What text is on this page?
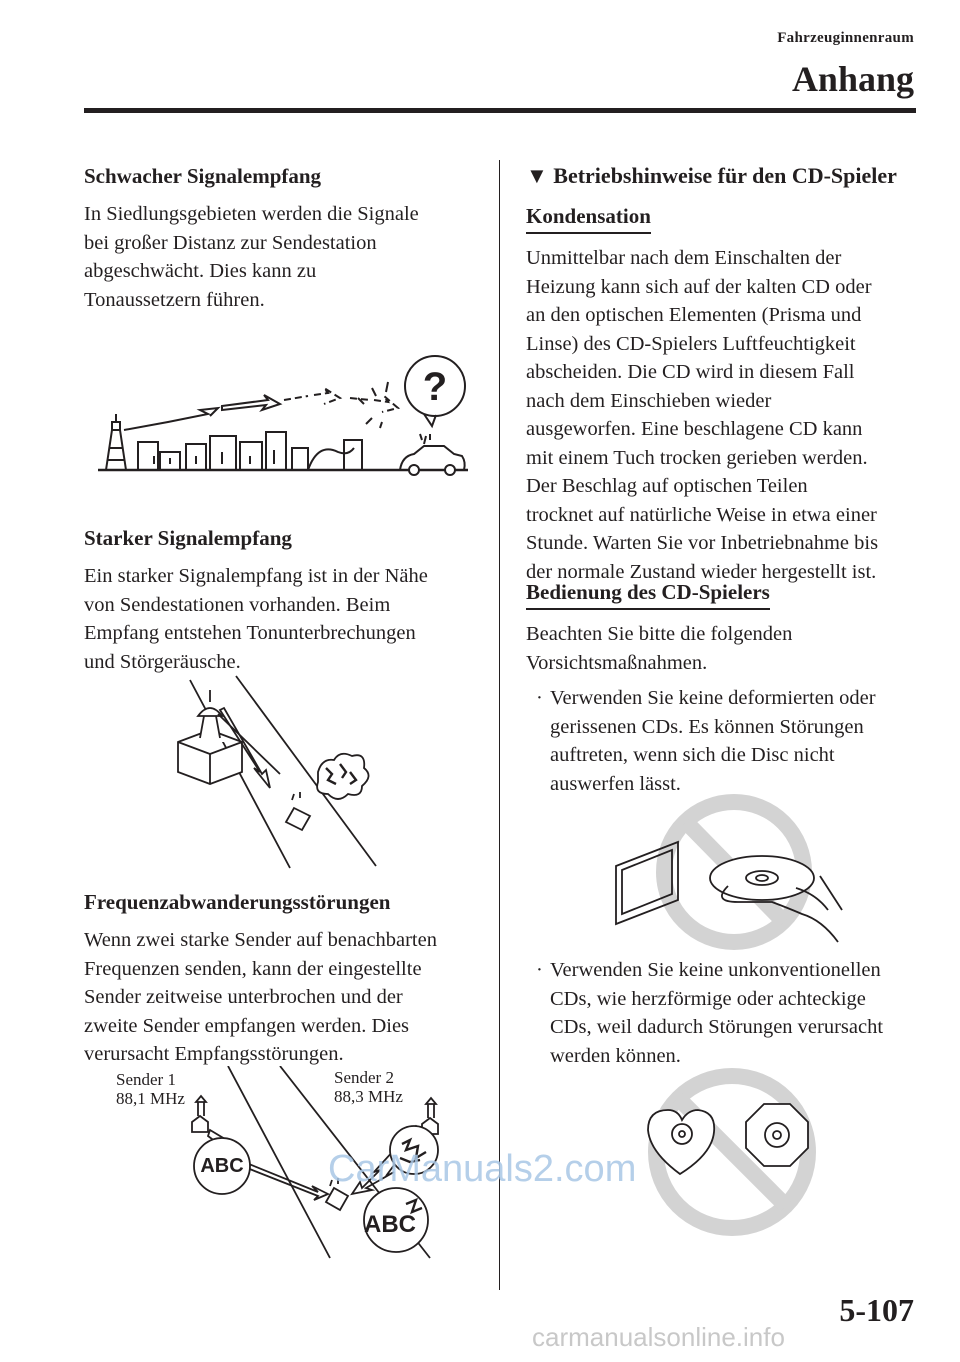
Fahrzeuginnenraum
Anhang
Schwacher Signalempfang
In Siedlungsgebieten werden die Signale
bei großer Distanz zur Sendestation
abgeschwächt. Dies kann zu
Tonaussetzern führen.
?
Starker Signalempfang
Ein starker Signalempfang ist in der Nähe
von Sendestationen vorhanden. Beim
Empfang entstehen Tonunterbrechungen
und Störgeräusche.
Frequenzabwanderungsstörungen
Wenn zwei starke Sender auf benachbarten
Frequenzen senden, kann der eingestellte
Sender zeitweise unterbrochen und der
zweite Sender empfangen werden. Dies
verursacht Empfangsstörungen.
Sender 1
88,1 MHz
Sender 2
88,3 MHz
ABC
ABC
▼ Betriebshinweise für den CD-Spieler
Kondensation
Unmittelbar nach dem Einschalten der
Heizung kann sich auf der kalten CD oder
an den optischen Elementen (Prisma und
Linse) des CD-Spielers Luftfeuchtigkeit
abscheiden. Die CD wird in diesem Fall
nach dem Einschieben wieder
ausgeworfen. Eine beschlagene CD kann
mit einem Tuch trocken gerieben werden.
Der Beschlag auf optischen Teilen
trocknet auf natürliche Weise in etwa einer
Stunde. Warten Sie vor Inbetriebnahme bis
der normale Zustand wieder hergestellt ist.
Bedienung des CD-Spielers
Beachten Sie bitte die folgenden
Vorsichtsmaßnahmen.
· Verwenden Sie keine deformierten oder
gerissenen CDs. Es können Störungen
auftreten, wenn sich die Disc nicht
auswerfen lässt.
· Verwenden Sie keine unkonventionellen
CDs, wie herzförmige oder achteckige
CDs, weil dadurch Störungen verursacht
werden können.
5-107
CarManuals2.com
carmanualsonline.info
